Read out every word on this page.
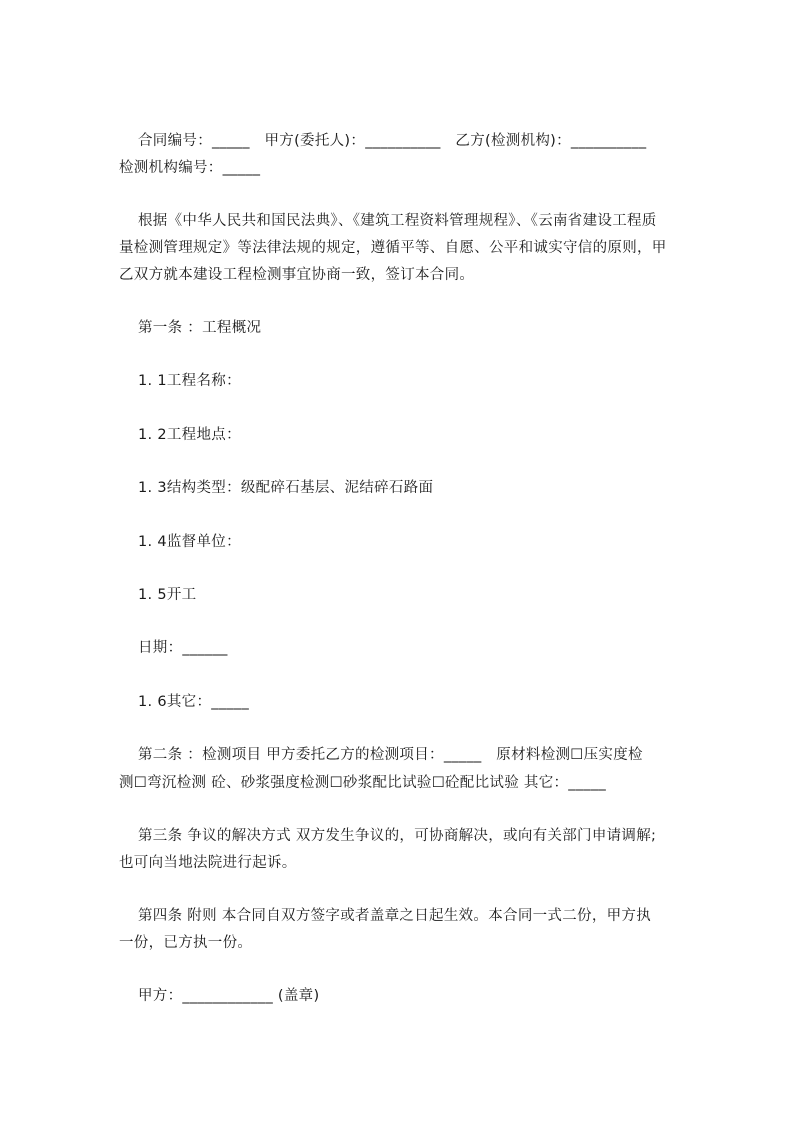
合同编号：_____   甲方(委托人)：__________   乙方(检测机构)：__________
检测机构编号：_____
根据《中华人民共和国民法典》、《建筑工程资料管理规程》、《云南省建设工程质
量检测管理规定》等法律法规的规定，遵循平等、自愿、公平和诚实守信的原则，甲
乙双方就本建设工程检测事宜协商一致，签订本合同。
第一条 ：工程概况
1. 1工程名称：
1. 2工程地点：
1. 3结构类型：级配碎石基层、泥结碎石路面
1. 4监督单位：
1. 5开工
日期：______
1. 6其它：_____
第二条 ：检测项目 甲方委托乙方的检测项目：_____   原材料检测☐压实度检
测☐弯沉检测 砼、砂浆强度检测☐砂浆配比试验☐砼配比试验 其它：_____
第三条 争议的解决方式 双方发生争议的，可协商解决，或向有关部门申请调解;
也可向当地法院进行起诉。
第四条 附则 本合同自双方签字或者盖章之日起生效。本合同一式二份，甲方执
一份，已方执一份。
甲方：____________ (盖章)
